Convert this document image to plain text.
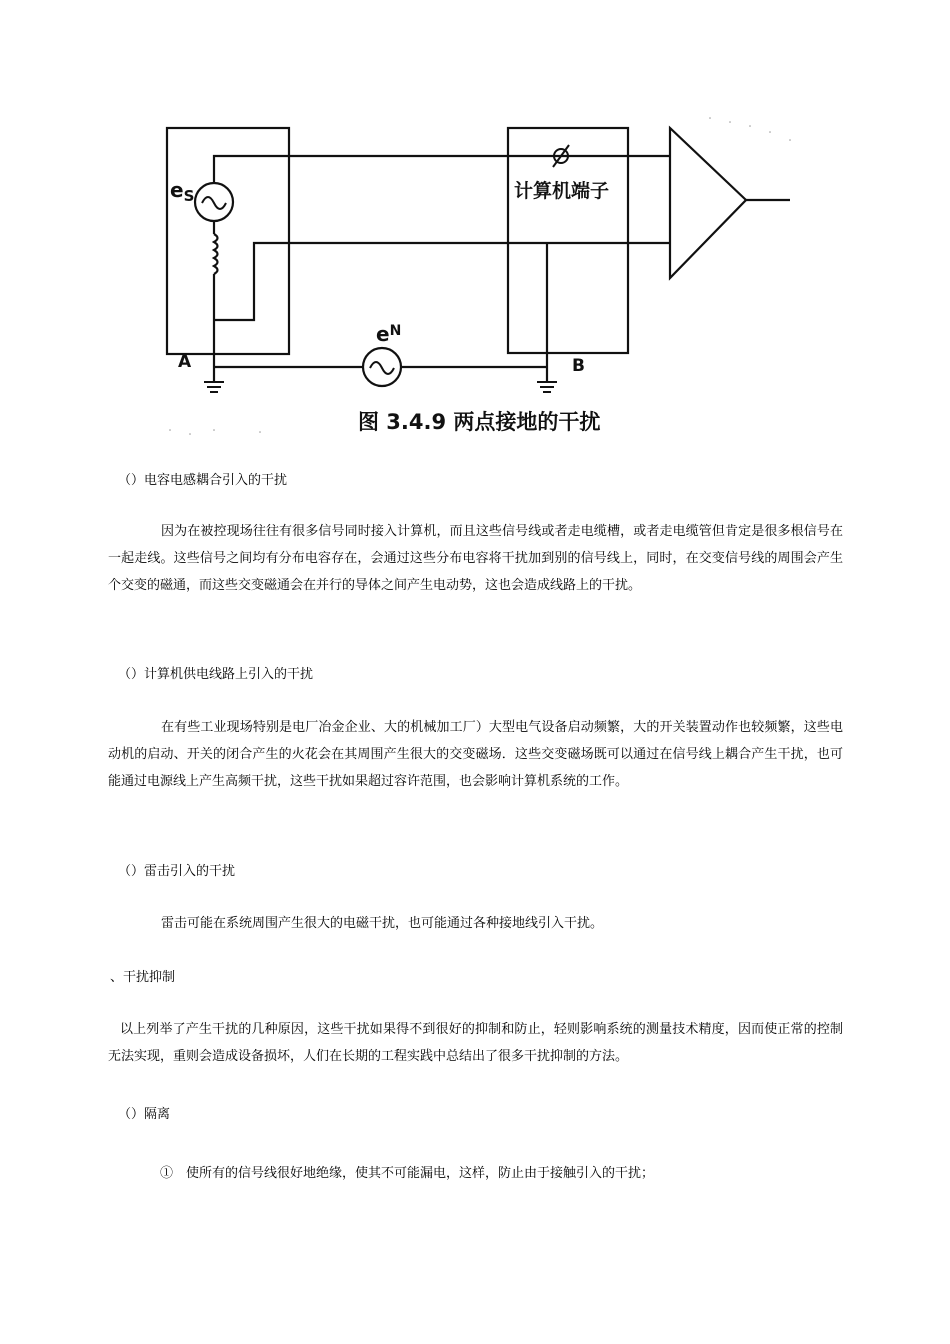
$e_S$
$e^N$
计算机端子
A	B
图 3.4.9 两点接地的干扰

（）电容电感耦合引入的干扰

因为在被控现场往往有很多信号同时接入计算机，而且这些信号线或者走电缆槽，或者走电缆管但肯定是很多根信号在一起走线。这些信号之间均有分布电容存在，会通过这些分布电容将干扰加到别的信号线上，同时，在交变信号线的周围会产生个交变的磁通，而这些交变磁通会在并行的导体之间产生电动势，这也会造成线路上的干扰。

（）计算机供电线路上引入的干扰

在有些工业现场特别是电厂冶金企业、大的机械加工厂）大型电气设备启动频繁，大的开关装置动作也较频繁，这些电动机的启动、开关的闭合产生的火花会在其周围产生很大的交变磁场．这些交变磁场既可以通过在信号线上耦合产生干扰，也可能通过电源线上产生高频干扰，这些干扰如果超过容许范围，也会影响计算机系统的工作。

（）雷击引入的干扰

雷击可能在系统周围产生很大的电磁干扰，也可能通过各种接地线引入干扰。

、干扰抑制

以上列举了产生干扰的几种原因，这些干扰如果得不到很好的抑制和防止，轻则影响系统的测量技术精度，因而使正常的控制无法实现，重则会造成设备损坏，人们在长期的工程实践中总结出了很多干扰抑制的方法。

（）隔离

①　使所有的信号线很好地绝缘，使其不可能漏电，这样，防止由于接触引入的干扰；
